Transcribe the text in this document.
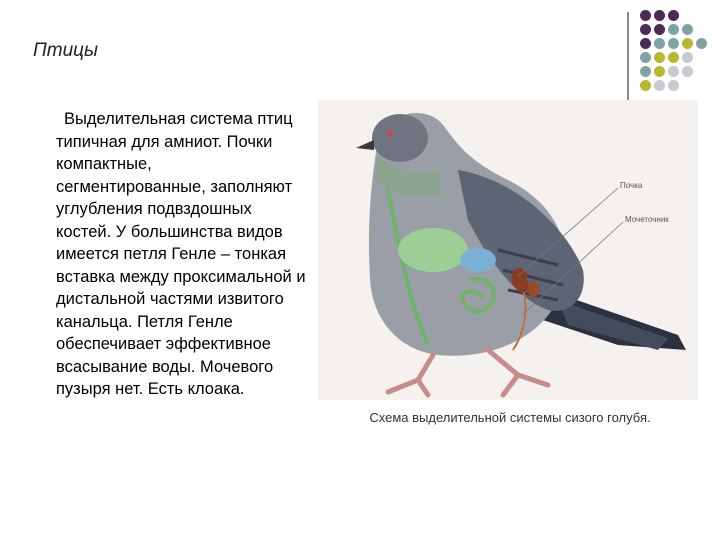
Птицы
Выделительная система птиц типичная для амниот. Почки компактные, сегментированные, заполняют углубления подвздошных костей. У большинства видов имеется петля Генле – тонкая вставка между проксимальной и дистальной частями извитого канальца. Петля Генле обеспечивает эффективное всасывание воды. Мочевого пузыря нет. Есть клоака.
Почка
Мочеточник
Схема выделительной системы сизого голубя.
